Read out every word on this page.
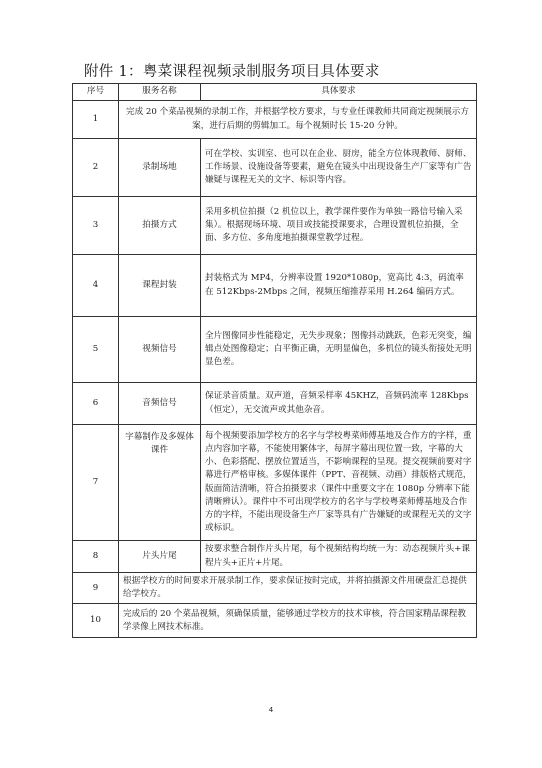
附件 1：粤菜课程视频录制服务项目具体要求
序号	服务名称	具体要求
1	完成 20 个菜品视频的录制工作，并根据学校方要求，与专业任课教师共同商定视频展示方案，进行后期的剪辑加工。每个视频时长 15-20 分钟。	
2	录制场地	可在学校、实训室、也可以在企业、厨房，能全方位体现教师、厨师、工作场景、设施设备等要素，避免在镜头中出现设备生产厂家等有广告嫌疑与课程无关的文字、标识等内容。
3	拍摄方式	采用多机位拍摄（2 机位以上，教学课件要作为单独一路信号输入采集）。根据现场环境、项目或技能授课要求，合理设置机位拍摄，全面、多方位、多角度地拍摄课堂教学过程。
4	课程封装	封装格式为 MP4，分辨率设置 1920*1080p，宽高比 4:3，码流率在 512Kbps-2Mbps 之间，视频压缩推荐采用 H.264 编码方式。
5	视频信号	全片图像同步性能稳定，无失步现象；图像抖动跳跃，色彩无突变，编辑点处图像稳定；白平衡正确，无明显偏色，多机位的镜头衔接处无明显色差。
6	音频信号	保证录音质量。双声道，音频采样率 45KHZ，音频码流率 128Kbps（恒定），无交流声或其他杂音。
7	字幕制作及多媒体课件	每个视频要添加学校方的名字与学校粤菜师傅基地及合作方的字样，重点内容加字幕，不能使用繁体字，每屏字幕出现位置一致，字幕的大小、色彩搭配、摆放位置适当，不影响课程的呈现。提交视频前要对字幕进行严格审核。多媒体课件（PPT、音视频、动画）排版格式规范，版面简洁清晰，符合拍摄要求（课件中重要文字在 1080p 分辨率下能清晰辨认）。课件中不可出现学校方的名字与学校粤菜师傅基地及合作方的字样，不能出现设备生产厂家等具有广告嫌疑的或课程无关的文字或标识。
8	片头片尾	按要求整合制作片头片尾，每个视频结构均统一为：动态视频片头+课程片头+正片+片尾。
9	根据学校方的时间要求开展录制工作，要求保证按时完成，并将拍摄源文件用硬盘汇总提供给学校方。	
10	完成后的 20 个菜品视频，须确保质量，能够通过学校方的技术审核，符合国家精品课程教学录像上网技术标准。	
4
